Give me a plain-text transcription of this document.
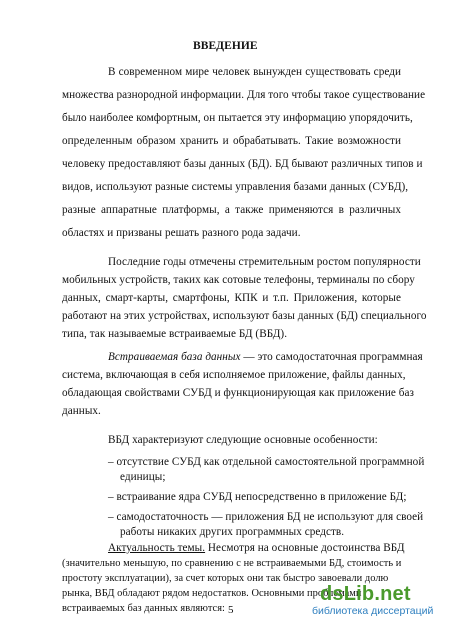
ВВЕДЕНИЕ
В современном мире человек вынужден существовать среди
множества разнородной информации. Для того чтобы такое существование
было наиболее комфортным, он пытается эту информацию упорядочить,
определенным образом хранить и обрабатывать. Такие возможности
человеку предоставляют базы данных (БД). БД бывают различных типов и
видов, используют разные системы управления базами данных (СУБД),
разные аппаратные платформы, а также применяются в различных
областях и призваны решать разного рода задачи.
Последние годы отмечены стремительным ростом популярности
мобильных устройств, таких как сотовые телефоны, терминалы по сбору
данных, смарт-карты, смартфоны, КПК и т.п. Приложения, которые
работают на этих устройствах, используют базы данных (БД) специального
типа, так называемые встраиваемые БД (ВБД).
Встраиваемая база данных — это самодостаточная программная
система, включающая в себя исполняемое приложение, файлы данных,
обладающая свойствами СУБД и функционирующая как приложение баз
данных.
ВБД характеризуют следующие основные особенности:
– отсутствие СУБД как отдельной самостоятельной программной
единицы;
– встраивание ядра СУБД непосредственно в приложение БД;
– самодостаточность — приложения БД не используют для своей
работы никаких других программных средств.
Актуальность темы. Несмотря на основные достоинства ВБД
(значительно меньшую, по сравнению с не встраиваемыми БД, стоимость и
5
простоту эксплуатации), за счет которых они так быстро завоевали долю
рынка, ВБД обладают рядом недостатков. Основными проблемами
встраиваемых баз данных являются:
dsLib.net
библиотека диссертаций
